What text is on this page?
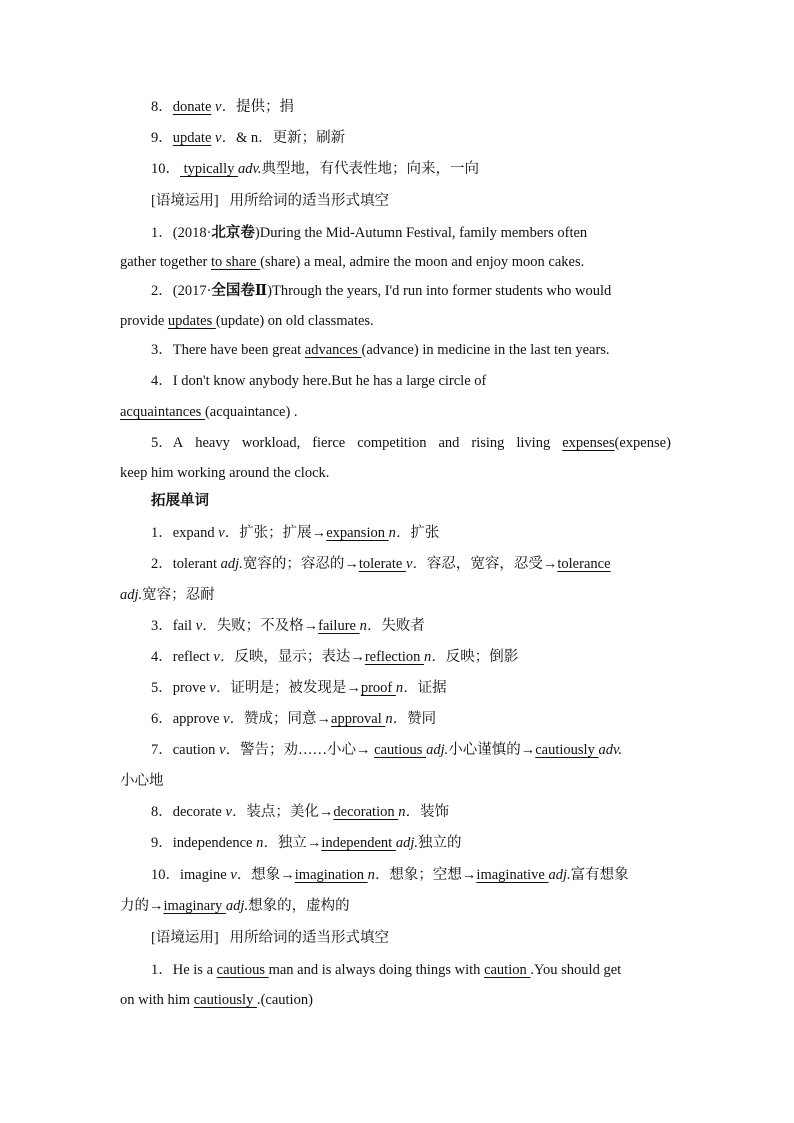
8．donate v．提供；捐
9．update v．& n．更新；刷新
10． typically adv.典型地，有代表性地；向来，一向
[语境运用] 用所给词的适当形式填空
1．(2018·北京卷)During the Mid-Autumn Festival, family members often
gather together to share (share) a meal, admire the moon and enjoy moon cakes.
2．(2017·全国卷Ⅱ)Through the years, I'd run into former students who would
provide updates (update) on old classmates.
3．There have been great advances (advance) in medicine in the last ten years.
4．I don't know anybody here.But he has a large circle of
acquaintances (acquaintance) .
5．A heavy workload, fierce competition and rising living expenses(expense)
keep him working around the clock.
拓展单词
1．expand v．扩张；扩展→expansion n．扩张
2．tolerant adj.宽容的；容忍的→tolerate v．容忍，宽容，忍受→tolerance
adj.宽容；忍耐
3．fail v．失败；不及格→failure n．失败者
4．reflect v．反映，显示；表达→reflection n．反映；倒影
5．prove v．证明是；被发现是→proof n．证据
6．approve v．赞成；同意→approval n．赞同
7．caution v．警告；劝……小心→ cautious adj.小心谨慎的→cautiously adv.
小心地
8．decorate v．装点；美化→decoration n．装饰
9．independence n．独立→independent adj.独立的
10．imagine v．想象→imagination n．想象；空想→imaginative adj.富有想象
力的→imaginary adj.想象的，虚构的
[语境运用] 用所给词的适当形式填空
1．He is a cautious man and is always doing things with caution .You should get
on with him cautiously .(caution)
